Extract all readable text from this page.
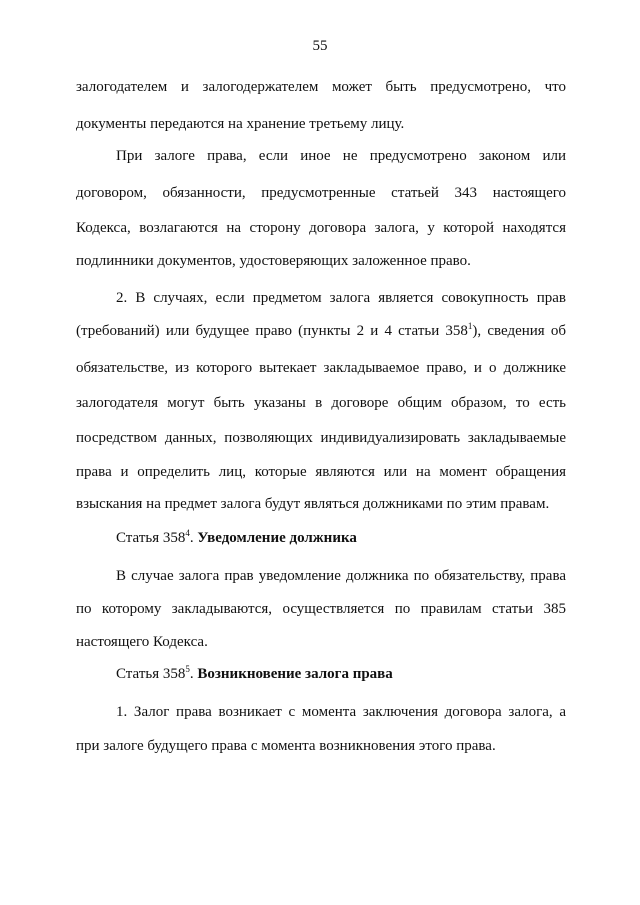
55
залогодателем и залогодержателем может быть предусмотрено, что
документы передаются на хранение третьему лицу.
При залоге права, если иное не предусмотрено законом или
договором, обязанности, предусмотренные статьей 343 настоящего
Кодекса, возлагаются на сторону договора залога, у которой находятся
подлинники документов, удостоверяющих заложенное право.
2. В случаях, если предметом залога является совокупность прав
(требований) или будущее право (пункты 2 и 4 статьи $358^1$), сведения об
обязательстве, из которого вытекает закладываемое право, и о должнике
залогодателя могут быть указаны в договоре общим образом, то есть
посредством данных, позволяющих индивидуализировать закладываемые
права и определить лиц, которые являются или на момент обращения
взыскания на предмет залога будут являться должниками по этим правам.
Статья $358^4$. Уведомление должника
В случае залога прав уведомление должника по обязательству, права
по которому закладываются, осуществляется по правилам статьи 385
настоящего Кодекса.
Статья $358^5$. Возникновение залога права
1. Залог права возникает с момента заключения договора залога, а
при залоге будущего права с момента возникновения этого права.
